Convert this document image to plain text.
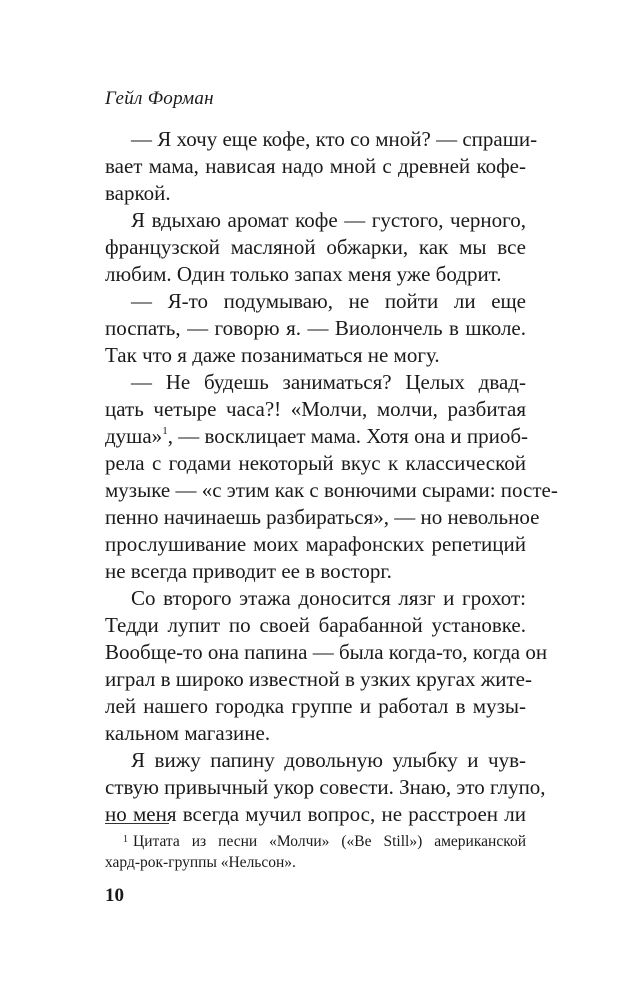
Гейл Форман
— Я хочу еще кофе, кто со мной? — спраши-
вает мама, нависая надо мной с древней кофе-
варкой.
Я вдыхаю аромат кофе — густого, черного,
французской масляной обжарки, как мы все
любим. Один только запах меня уже бодрит.
— Я-то подумываю, не пойти ли еще
поспать, — говорю я. — Виолончель в школе.
Так что я даже позаниматься не могу.
— Не будешь заниматься? Целых двад-
цать четыре часа?! «Молчи, молчи, разбитая
душа»$^1$, — восклицает мама. Хотя она и приоб-
рела с годами некоторый вкус к классической
музыке — «с этим как с вонючими сырами: посте-
пенно начинаешь разбираться», — но невольное
прослушивание моих марафонских репетиций
не всегда приводит ее в восторг.
Со второго этажа доносится лязг и грохот:
Тедди лупит по своей барабанной установке.
Вообще-то она папина — была когда-то, когда он
играл в широко известной в узких кругах жите-
лей нашего городка группе и работал в музы-
кальном магазине.
Я вижу папину довольную улыбку и чув-
ствую привычный укор совести. Знаю, это глупо,
но меня всегда мучил вопрос, не расстроен ли
$^1$ Цитата из песни «Молчи» («Be Still») американской
хард-рок-группы «Нельсон».
10
